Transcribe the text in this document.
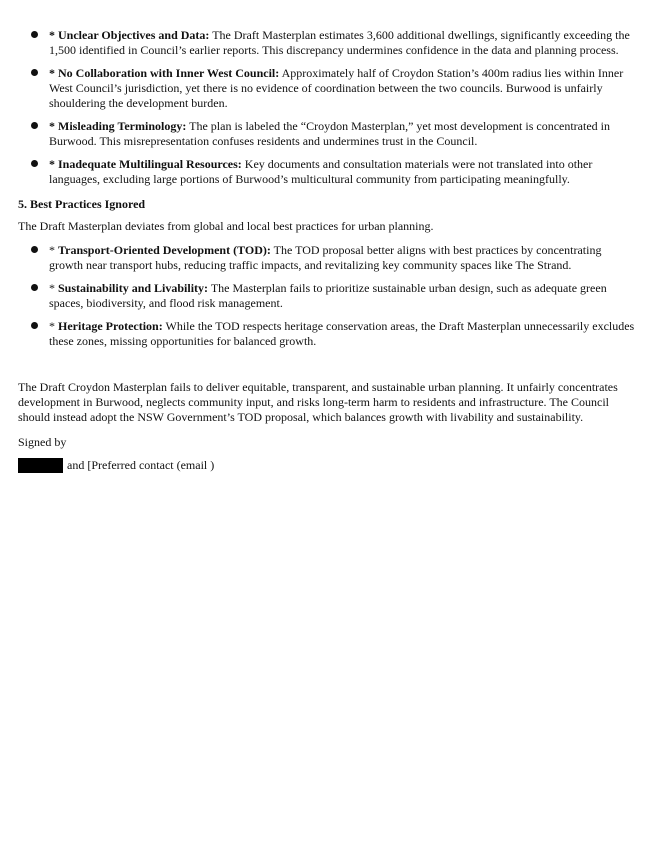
* Unclear Objectives and Data: The Draft Masterplan estimates 3,600 additional dwellings, significantly exceeding the 1,500 identified in Council’s earlier reports. This discrepancy undermines confidence in the data and planning process.
* No Collaboration with Inner West Council: Approximately half of Croydon Station’s 400m radius lies within Inner West Council’s jurisdiction, yet there is no evidence of coordination between the two councils. Burwood is unfairly shouldering the development burden.
* Misleading Terminology: The plan is labeled the “Croydon Masterplan,” yet most development is concentrated in Burwood. This misrepresentation confuses residents and undermines trust in the Council.
* Inadequate Multilingual Resources: Key documents and consultation materials were not translated into other languages, excluding large portions of Burwood’s multicultural community from participating meaningfully.
5. Best Practices Ignored

The Draft Masterplan deviates from global and local best practices for urban planning.

* Transport-Oriented Development (TOD): The TOD proposal better aligns with best practices by concentrating growth near transport hubs, reducing traffic impacts, and revitalizing key community spaces like The Strand.
* Sustainability and Livability: The Masterplan fails to prioritize sustainable urban design, such as adequate green spaces, biodiversity, and flood risk management.
* Heritage Protection: While the TOD respects heritage conservation areas, the Draft Masterplan unnecessarily excludes these zones, missing opportunities for balanced growth.

The Draft Croydon Masterplan fails to deliver equitable, transparent, and sustainable urban planning. It unfairly concentrates development in Burwood, neglects community input, and risks long-term harm to residents and infrastructure. The Council should instead adopt the NSW Government’s TOD proposal, which balances growth with livability and sustainability.

Signed by

and [Preferred contact (email )
